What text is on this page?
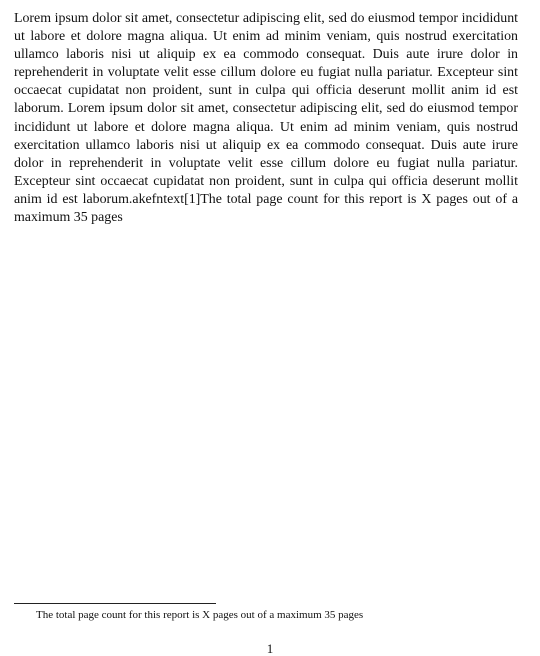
Lorem ipsum dolor sit amet, consectetur adipiscing elit, sed do eiusmod tempor incididunt ut labore et dolore magna aliqua. Ut enim ad minim veniam, quis nostrud exercitation ullamco laboris nisi ut aliquip ex ea commodo consequat. Duis aute irure dolor in reprehenderit in voluptate velit esse cillum dolore eu fugiat nulla pariatur. Excepteur sint occaecat cupidatat non proident, sunt in culpa qui officia deserunt mollit anim id est laborum. Lorem ipsum dolor sit amet, consectetur adipiscing elit, sed do eiusmod tempor incididunt ut labore et dolore magna aliqua. Ut enim ad minim veniam, quis nostrud exercitation ullamco laboris nisi ut aliquip ex ea commodo consequat. Duis aute irure dolor in reprehenderit in voluptate velit esse cillum dolore eu fugiat nulla pariatur. Excepteur sint occaecat cupidatat non proident, sunt in culpa qui officia deserunt mollit anim id est laborum.akefntext[1]The total page count for this report is X pages out of a maximum 35 pages

The total page count for this report is X pages out of a maximum 35 pages

1
